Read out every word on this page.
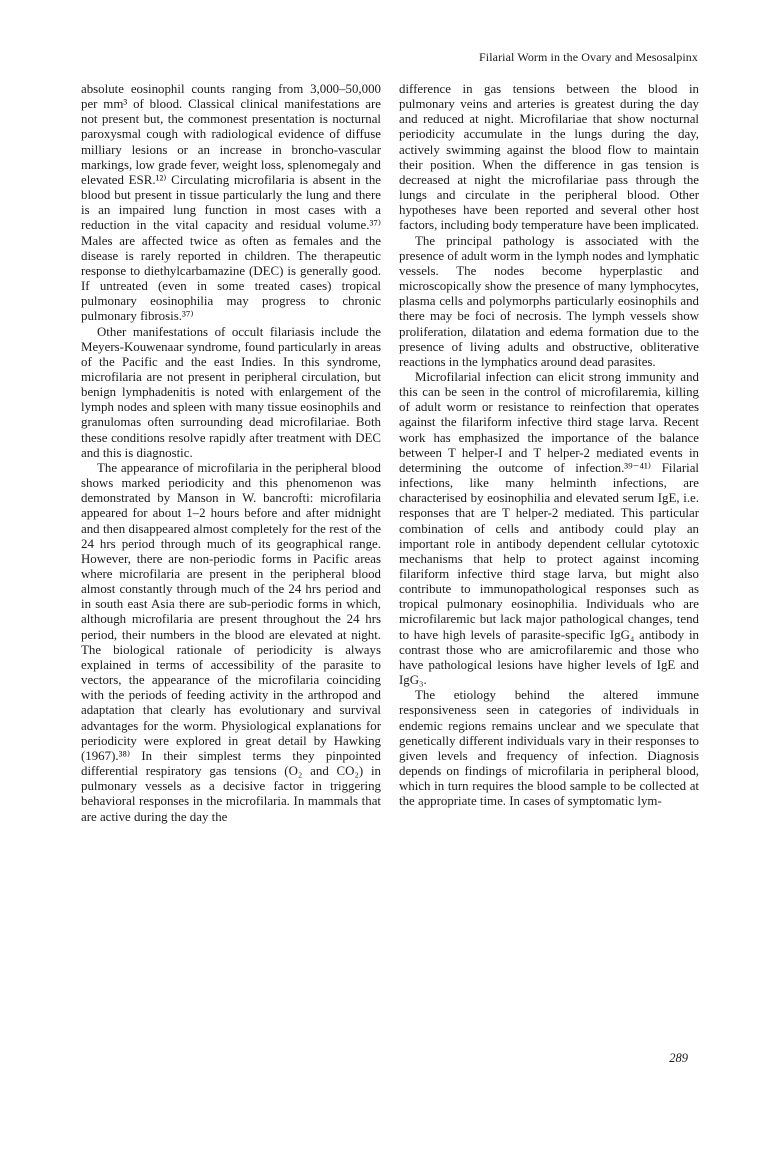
Filarial Worm in the Ovary and Mesosalpinx

absolute eosinophil counts ranging from 3,000–50,000 per mm³ of blood. Classical clinical manifestations are not present but, the commonest presentation is nocturnal paroxysmal cough with radiological evidence of diffuse milliary lesions or an increase in broncho-vascular markings, low grade fever, weight loss, splenomegaly and elevated ESR.¹²⁾ Circulating microfilaria is absent in the blood but present in tissue particularly the lung and there is an impaired lung function in most cases with a reduction in the vital capacity and residual volume.³⁷⁾ Males are affected twice as often as females and the disease is rarely reported in children. The therapeutic response to diethylcarbamazine (DEC) is generally good. If untreated (even in some treated cases) tropical pulmonary eosinophilia may progress to chronic pulmonary fibrosis.³⁷⁾

Other manifestations of occult filariasis include the Meyers-Kouwenaar syndrome, found particularly in areas of the Pacific and the east Indies. In this syndrome, microfilaria are not present in peripheral circulation, but benign lymphadenitis is noted with enlargement of the lymph nodes and spleen with many tissue eosinophils and granulomas often surrounding dead microfilariae. Both these conditions resolve rapidly after treatment with DEC and this is diagnostic.

The appearance of microfilaria in the peripheral blood shows marked periodicity and this phenomenon was demonstrated by Manson in W. bancrofti: microfilaria appeared for about 1–2 hours before and after midnight and then disappeared almost completely for the rest of the 24 hrs period through much of its geographical range. However, there are non-periodic forms in Pacific areas where microfilaria are present in the peripheral blood almost constantly through much of the 24 hrs period and in south east Asia there are sub-periodic forms in which, although microfilaria are present throughout the 24 hrs period, their numbers in the blood are elevated at night. The biological rationale of periodicity is always explained in terms of accessibility of the parasite to vectors, the appearance of the microfilaria coinciding with the periods of feeding activity in the arthropod and adaptation that clearly has evolutionary and survival advantages for the worm. Physiological explanations for periodicity were explored in great detail by Hawking (1967).³⁸⁾ In their simplest terms they pinpointed differential respiratory gas tensions (O₂ and CO₂) in pulmonary vessels as a decisive factor in triggering behavioral responses in the microfilaria. In mammals that are active during the day the

difference in gas tensions between the blood in pulmonary veins and arteries is greatest during the day and reduced at night. Microfilariae that show nocturnal periodicity accumulate in the lungs during the day, actively swimming against the blood flow to maintain their position. When the difference in gas tension is decreased at night the microfilariae pass through the lungs and circulate in the peripheral blood. Other hypotheses have been reported and several other host factors, including body temperature have been implicated.

The principal pathology is associated with the presence of adult worm in the lymph nodes and lymphatic vessels. The nodes become hyperplastic and microscopically show the presence of many lymphocytes, plasma cells and polymorphs particularly eosinophils and there may be foci of necrosis. The lymph vessels show proliferation, dilatation and edema formation due to the presence of living adults and obstructive, obliterative reactions in the lymphatics around dead parasites.

Microfilarial infection can elicit strong immunity and this can be seen in the control of microfilaremia, killing of adult worm or resistance to reinfection that operates against the filariform infective third stage larva. Recent work has emphasized the importance of the balance between T helper-I and T helper-2 mediated events in determining the outcome of infection.³⁹⁻⁴¹⁾ Filarial infections, like many helminth infections, are characterised by eosinophilia and elevated serum IgE, i.e. responses that are T helper-2 mediated. This particular combination of cells and antibody could play an important role in antibody dependent cellular cytotoxic mechanisms that help to protect against incoming filariform infective third stage larva, but might also contribute to immunopathological responses such as tropical pulmonary eosinophilia. Individuals who are microfilaremic but lack major pathological changes, tend to have high levels of parasite-specific IgG₄ antibody in contrast those who are amicrofilaremic and those who have pathological lesions have higher levels of IgE and IgG₃.

The etiology behind the altered immune responsiveness seen in categories of individuals in endemic regions remains unclear and we speculate that genetically different individuals vary in their responses to given levels and frequency of infection. Diagnosis depends on findings of microfilaria in peripheral blood, which in turn requires the blood sample to be collected at the appropriate time. In cases of symptomatic lym-

289
